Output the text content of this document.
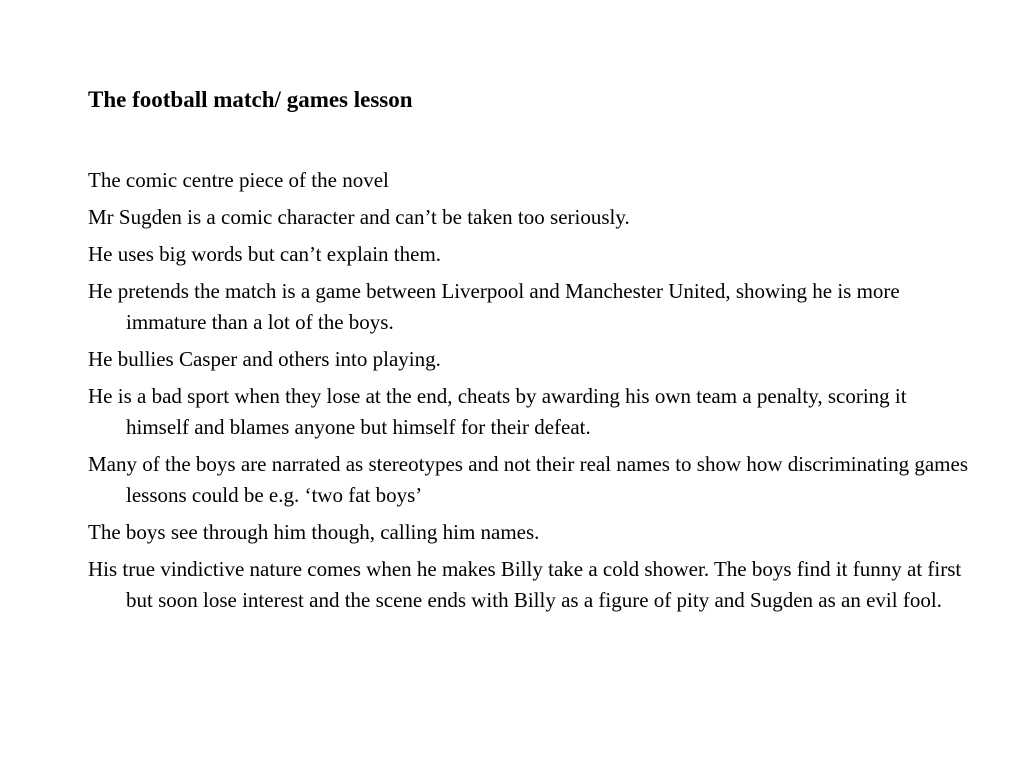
The football match/ games lesson
The comic centre piece of the novel
Mr Sugden is a comic character and can’t be taken too seriously.
He uses big words but can’t explain them.
He pretends the match is a game between Liverpool and Manchester United, showing he is more immature than a lot of the boys.
He bullies Casper and others into playing.
He is a bad sport when they lose at the end, cheats by awarding his own team a penalty, scoring it himself and blames anyone but himself for their defeat.
Many of the boys are narrated as stereotypes and not their real names to show how discriminating games lessons could be e.g. ‘two fat boys’
The boys see through him though, calling him names.
His true vindictive nature comes when he makes Billy take a cold shower. The boys find it funny at first but soon lose interest and the scene ends with Billy as a figure of pity and Sugden as an evil fool.
